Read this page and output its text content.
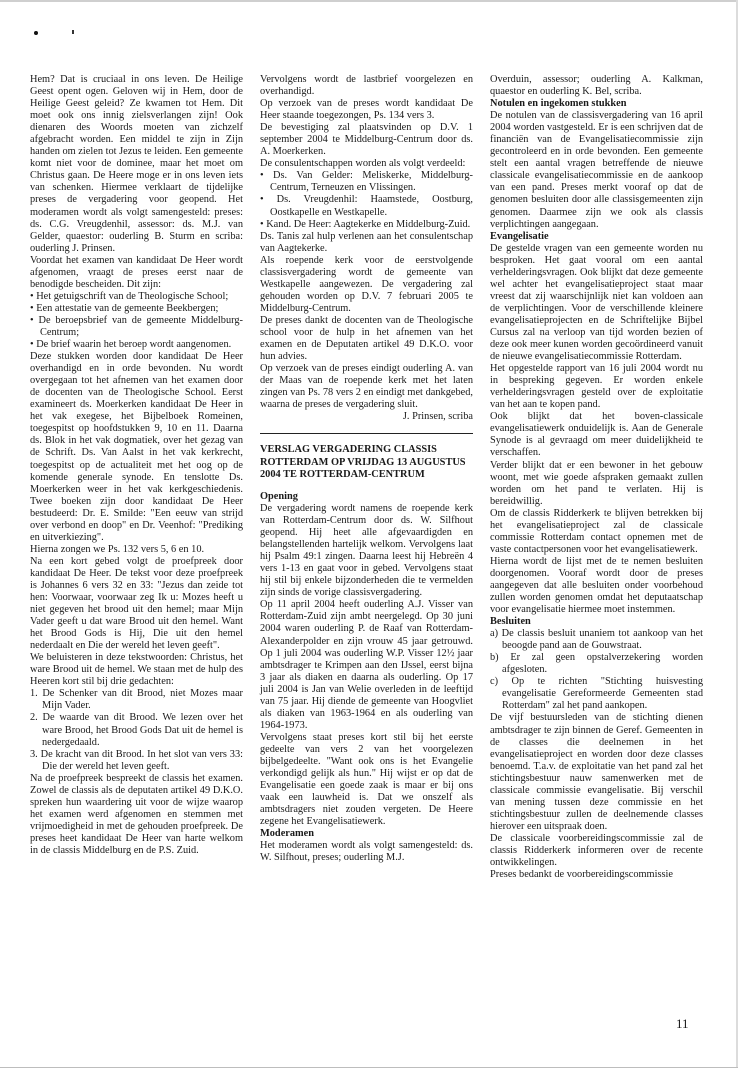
Hem? Dat is cruciaal in ons leven. De Heilige Geest opent ogen. Geloven wij in Hem, door de Heilige Geest geleid? Ze kwamen tot Hem. Dit moet ook ons innig zielsverlangen zijn! Ook dienaren des Woords moeten van zichzelf afgebracht worden. Een middel te zijn in Zijn handen om zielen tot Jezus te leiden. Een gemeente komt niet voor de dominee, maar het moet om Christus gaan. De Heere moge er in ons leven iets van schenken. Hiermee verklaart de tijdelijke preses de vergadering voor geopend. Het moderamen wordt als volgt samengesteld: preses: ds. C.G. Vreugdenhil, assessor: ds. M.J. van Gelder, quaestor: ouderling B. Sturm en scriba: ouderling J. Prinsen.

Voordat het examen van kandidaat De Heer wordt afgenomen, vraagt de preses eerst naar de benodigde bescheiden. Dit zijn:

• Het getuigschrift van de Theologische School;
• Een attestatie van de gemeente Beekbergen;
• De beroepsbrief van de gemeente Middelburg-Centrum;
• De brief waarin het beroep wordt aangenomen.

Deze stukken worden door kandidaat De Heer overhandigd en in orde bevonden. Nu wordt overgegaan tot het afnemen van het examen door de docenten van de Theologische School. Eerst examineert ds. Moerkerken kandidaat De Heer in het vak exegese, het Bijbelboek Romeinen, toegespitst op hoofdstukken 9, 10 en 11. Daarna ds. Blok in het vak dogmatiek, over het gezag van de Schrift. Ds. Van Aalst in het vak kerkrecht, toegespitst op de actualiteit met het oog op de komende generale synode. En tenslotte Ds. Moerkerken weer in het vak kerkgeschiedenis. Twee boeken zijn door kandidaat De Heer bestudeerd: Dr. E. Smilde: "Een eeuw van strijd over verbond en doop" en Dr. Veenhof: "Prediking en uitverkiezing".

Hierna zongen we Ps. 132 vers 5, 6 en 10.

Na een kort gebed volgt de proefpreek door kandidaat De Heer. De tekst voor deze proefpreek is Johannes 6 vers 32 en 33: "Jezus dan zeide tot hen: Voorwaar, voorwaar zeg Ik u: Mozes heeft u niet gegeven het brood uit den hemel; maar Mijn Vader geeft u dat ware Brood uit den hemel. Want het Brood Gods is Hij, Die uit den hemel nederdaalt en Die der wereld het leven geeft".

We beluisteren in deze tekstwoorden: Christus, het ware Brood uit de hemel. We staan met de hulp des Heeren kort stil bij drie gedachten:

1. De Schenker van dit Brood, niet Mozes maar Mijn Vader.
2. De waarde van dit Brood. We lezen over het ware Brood, het Brood Gods Dat uit de hemel is nedergedaald.
3. De kracht van dit Brood. In het slot van vers 33: Die der wereld het leven geeft.

Na de proefpreek bespreekt de classis het examen. Zowel de classis als de deputaten artikel 49 D.K.O. spreken hun waardering uit voor de wijze waarop het examen werd afgenomen en stemmen met vrijmoedigheid in met de gehouden proefpreek. De preses heet kandidaat De Heer van harte welkom in de classis Middelburg en de P.S. Zuid.

Vervolgens wordt de lastbrief voorgelezen en overhandigd.

Op verzoek van de preses wordt kandidaat De Heer staande toegezongen, Ps. 134 vers 3.

De bevestiging zal plaatsvinden op D.V. 1 september 2004 te Middelburg-Centrum door ds. A. Moerkerken.

De consulentschappen worden als volgt verdeeld:

• Ds. Van Gelder: Meliskerke, Middelburg-Centrum, Terneuzen en Vlissingen.
• Ds. Vreugdenhil: Haamstede, Oostburg, Oostkapelle en Westkapelle.
• Kand. De Heer: Aagtekerke en Middelburg-Zuid.

Ds. Tanis zal hulp verlenen aan het consulentschap van Aagtekerke.

Als roepende kerk voor de eerstvolgende classisvergadering wordt de gemeente van Westkapelle aangewezen. De vergadering zal gehouden worden op D.V. 7 februari 2005 te Middelburg-Centrum.

De preses dankt de docenten van de Theologische school voor de hulp in het afnemen van het examen en de Deputaten artikel 49 D.K.O. voor hun advies.

Op verzoek van de preses eindigt ouderling A. van der Maas van de roepende kerk met het laten zingen van Ps. 78 vers 2 en eindigt met dankgebed, waarna de preses de vergadering sluit.

J. Prinsen, scriba

VERSLAG VERGADERING CLASSIS ROTTERDAM OP VRIJDAG 13 AUGUSTUS 2004 TE ROTTERDAM-CENTRUM

Opening

De vergadering wordt namens de roepende kerk van Rotterdam-Centrum door ds. W. Silfhout geopend. Hij heet alle afgevaardigden en belangstellenden hartelijk welkom. Vervolgens laat hij Psalm 49:1 zingen. Daarna leest hij Hebreën 4 vers 1-13 en gaat voor in gebed. Vervolgens staat hij stil bij enkele bijzonderheden die te vermelden zijn sinds de vorige classisvergadering.

Op 11 april 2004 heeft ouderling A.J. Visser van Rotterdam-Zuid zijn ambt neergelegd. Op 30 juni 2004 waren ouderling P. de Raaf van Rotterdam-Alexanderpolder en zijn vrouw 45 jaar getrouwd. Op 1 juli 2004 was ouderling W.P. Visser 12½ jaar ambtsdrager te Krimpen aan den IJssel, eerst bijna 3 jaar als diaken en daarna als ouderling. Op 17 juli 2004 is Jan van Welie overleden in de leeftijd van 75 jaar. Hij diende de gemeente van Hoogvliet als diaken van 1963-1964 en als ouderling van 1964-1973.

Vervolgens staat preses kort stil bij het eerste gedeelte van vers 2 van het voorgelezen bijbelgedeelte. "Want ook ons is het Evangelie verkondigd gelijk als hun." Hij wijst er op dat de Evangelisatie een goede zaak is maar er bij ons vaak een lauwheid is. Dat we onszelf als ambtsdragers niet zouden vergeten. De Heere zegene het Evangelisatiewerk.

Moderamen

Het moderamen wordt als volgt samengesteld: ds. W. Silfhout, preses; ouderling M.J.

Overduin, assessor; ouderling A. Kalkman, quaestor en ouderling K. Bel, scriba.

Notulen en ingekomen stukken

De notulen van de classisvergadering van 16 april 2004 worden vastgesteld. Er is een schrijven dat de financiën van de Evangelisatiecommissie zijn gecontroleerd en in orde bevonden. Een gemeente stelt een aantal vragen betreffende de nieuwe classicale evangelisatiecommissie en de aankoop van een pand. Preses merkt vooraf op dat de genomen besluiten door alle classisgemeenten zijn genomen. Daarmee zijn we ook als classis verplichtingen aangegaan.

Evangelisatie

De gestelde vragen van een gemeente worden nu besproken. Het gaat vooral om een aantal verhelderingsvragen. Ook blijkt dat deze gemeente wel achter het evangelisatieproject staat maar vreest dat zij waarschijnlijk niet kan voldoen aan de verplichtingen. Voor de verschillende kleinere evangelisatieprojecten en de Schriftelijke Bijbel Cursus zal na verloop van tijd worden bezien of deze ook meer kunen worden gecoördineerd vanuit de nieuwe evangelisatiecommissie Rotterdam.

Het opgestelde rapport van 16 juli 2004 wordt nu in bespreking gegeven. Er worden enkele verhelderingsvragen gesteld over de exploitatie van het aan te kopen pand.

Ook blijkt dat het boven-classicale evangelisatiewerk onduidelijk is. Aan de Generale Synode is al gevraagd om meer duidelijkheid te verschaffen.

Verder blijkt dat er een bewoner in het gebouw woont, met wie goede afspraken gemaakt zullen worden om het pand te verlaten. Hij is bereidwillig.

Om de classis Ridderkerk te blijven betrekken bij het evangelisatieproject zal de classicale commissie Rotterdam contact opnemen met de vaste contactpersonen voor het evangelisatiewerk.

Hierna wordt de lijst met de te nemen besluiten doorgenomen. Vooraf wordt door de preses aangegeven dat alle besluiten onder voorbehoud zullen worden genomen omdat het deputaatschap voor evangelisatie hiermee moet instemmen.

Besluiten

a) De classis besluit unaniem tot aankoop van het beoogde pand aan de Gouwstraat.
b) Er zal geen opstalverzekering worden afgesloten.
c) Op te richten "Stichting huisvesting evangelisatie Gereformeerde Gemeenten stad Rotterdam" zal het pand aankopen.

De vijf bestuursleden van de stichting dienen ambtsdrager te zijn binnen de Geref. Gemeenten in de classes die deelnemen in het evangelisatieproject en worden door deze classes benoemd. T.a.v. de exploitatie van het pand zal het stichtingsbestuur nauw samenwerken met de classicale commissie evangelisatie. Bij verschil van mening tussen deze commissie en het stichtingsbestuur zullen de deelnemende classes hierover een uitspraak doen.

De classicale voorbereidingscommissie zal de classis Ridderkerk informeren over de recente ontwikkelingen.

Preses bedankt de voorbereidingscommissie

11
